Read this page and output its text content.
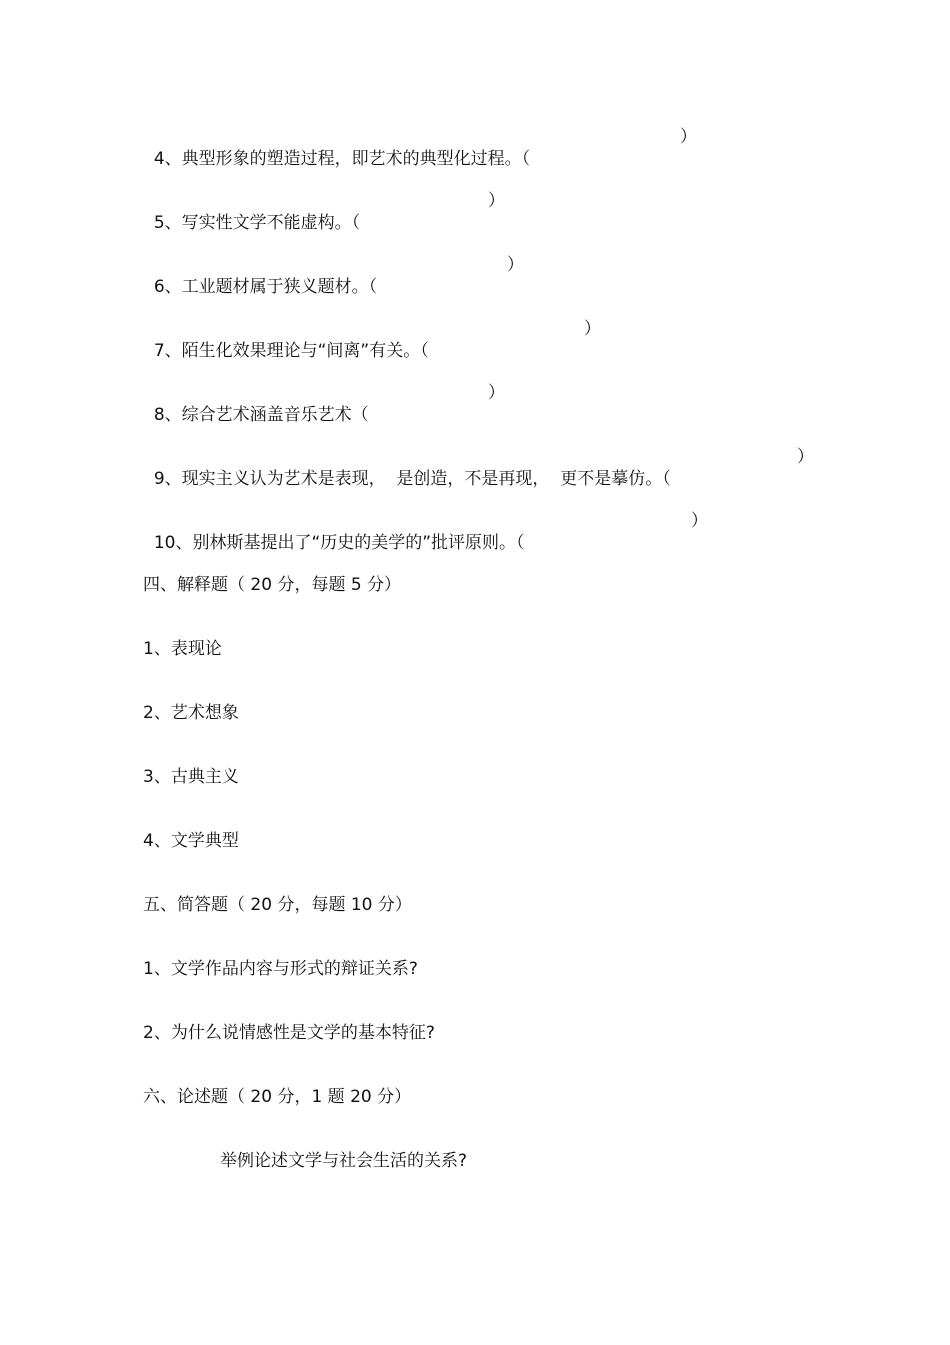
4、典型形象的塑造过程，即艺术的典型化过程。（

）

5、写实性文学不能虚构。（

）

6、工业题材属于狭义题材。（

）

7、陌生化效果理论与“间离”有关。（

）

8、综合艺术涵盖音乐艺术（

）

9、现实主义认为艺术是表现，  是创造，不是再现，  更不是摹仿。（

）

10、别林斯基提出了“历史的美学的”批评原则。（

）
四、解释题（ 20 分，每题 5 分）
1、表现论
2、艺术想象
3、古典主义
4、文学典型
五、简答题（ 20 分，每题 10 分）
1、文学作品内容与形式的辩证关系?
2、为什么说情感性是文学的基本特征?
六、论述题（ 20 分，1 题 20 分）
举例论述文学与社会生活的关系?
